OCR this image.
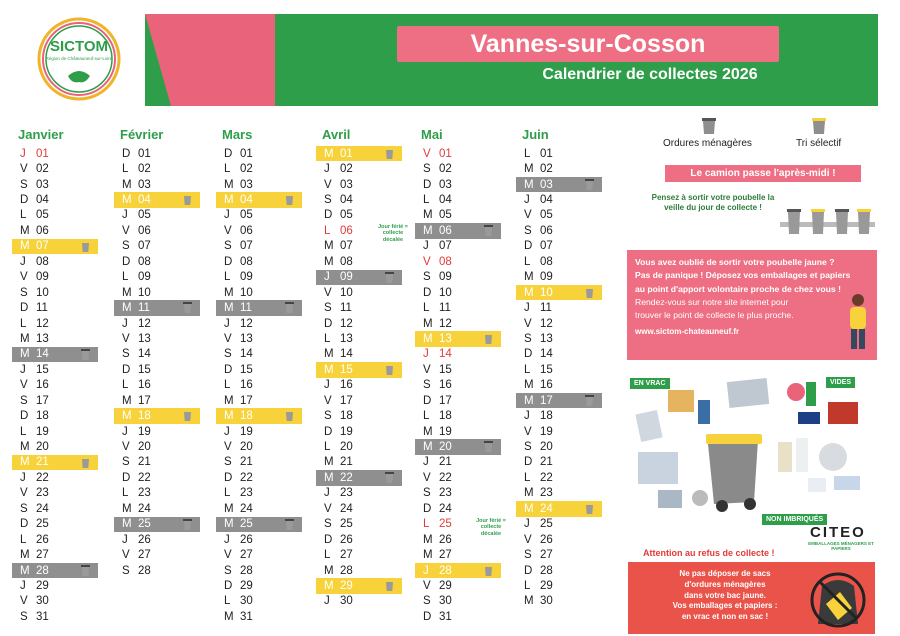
Vannes-sur-Cosson
Calendrier de collectes 2026
SICTOM
Région de Châteauneuf-sur-Loire
Janvier
J 01
V 02
S 03
D 04
L 05
M 06
M 07
J 08
V 09
S 10
D 11
L 12
M 13
M 14
J 15
V 16
S 17
D 18
L 19
M 20
M 21
J 22
V 23
S 24
D 25
L 26
M 27
M 28
J 29
V 30
S 31
Février
D 01
L 02
M 03
M 04
J 05
V 06
S 07
D 08
L 09
M 10
M 11
J 12
V 13
S 14
D 15
L 16
M 17
M 18
J 19
V 20
S 21
D 22
L 23
M 24
M 25
J 26
V 27
S 28
Mars
D 01
L 02
M 03
M 04
J 05
V 06
S 07
D 08
L 09
M 10
M 11
J 12
V 13
S 14
D 15
L 16
M 17
M 18
J 19
V 20
S 21
D 22
L 23
M 24
M 25
J 26
V 27
S 28
D 29
L 30
M 31
Avril
M 01
J 02
V 03
S 04
D 05
L 06
M 07
M 08
J 09
V 10
S 11
D 12
L 13
M 14
M 15
J 16
V 17
S 18
D 19
L 20
M 21
M 22
J 23
V 24
S 25
D 26
L 27
M 28
M 29
J 30
Mai
V 01
S 02
D 03
L 04
M 05
M 06
J 07
V 08
S 09
D 10
L 11
M 12
M 13
J 14
V 15
S 16
D 17
L 18
M 19
M 20
J 21
V 22
S 23
D 24
L 25
M 26
M 27
J 28
V 29
S 30
D 31
Juin
L 01
M 02
M 03
J 04
V 05
S 06
D 07
L 08
M 09
M 10
J 11
V 12
S 13
D 14
L 15
M 16
M 17
J 18
V 19
S 20
D 21
L 22
M 23
M 24
J 25
V 26
S 27
D 28
L 29
M 30
Jour férié = collecte décalée
Jour férié = collecte décalée
Ordures ménagères	Tri sélectif
Le camion passe l'après-midi !
Pensez à sortir votre poubelle la veille du jour de collecte !

Vous avez oublié de sortir votre poubelle jaune ?

Pas de panique ! Déposez vos emballages et papiers

au point d'apport volontaire proche de chez vous !

Rendez-vous sur notre site internet pour

trouver le point de collecte le plus proche.

www.sictom-chateauneuf.fr

EN VRAC	VIDES
NON IMBRIQUÉS
CITEO
EMBALLAGES MÉNAGERS ET PAPIERS
Attention au refus de collecte !
Ne pas déposer de sacs
d'ordures ménagères
dans votre bac jaune.
Vos emballages et papiers :
en vrac et non en sac !
